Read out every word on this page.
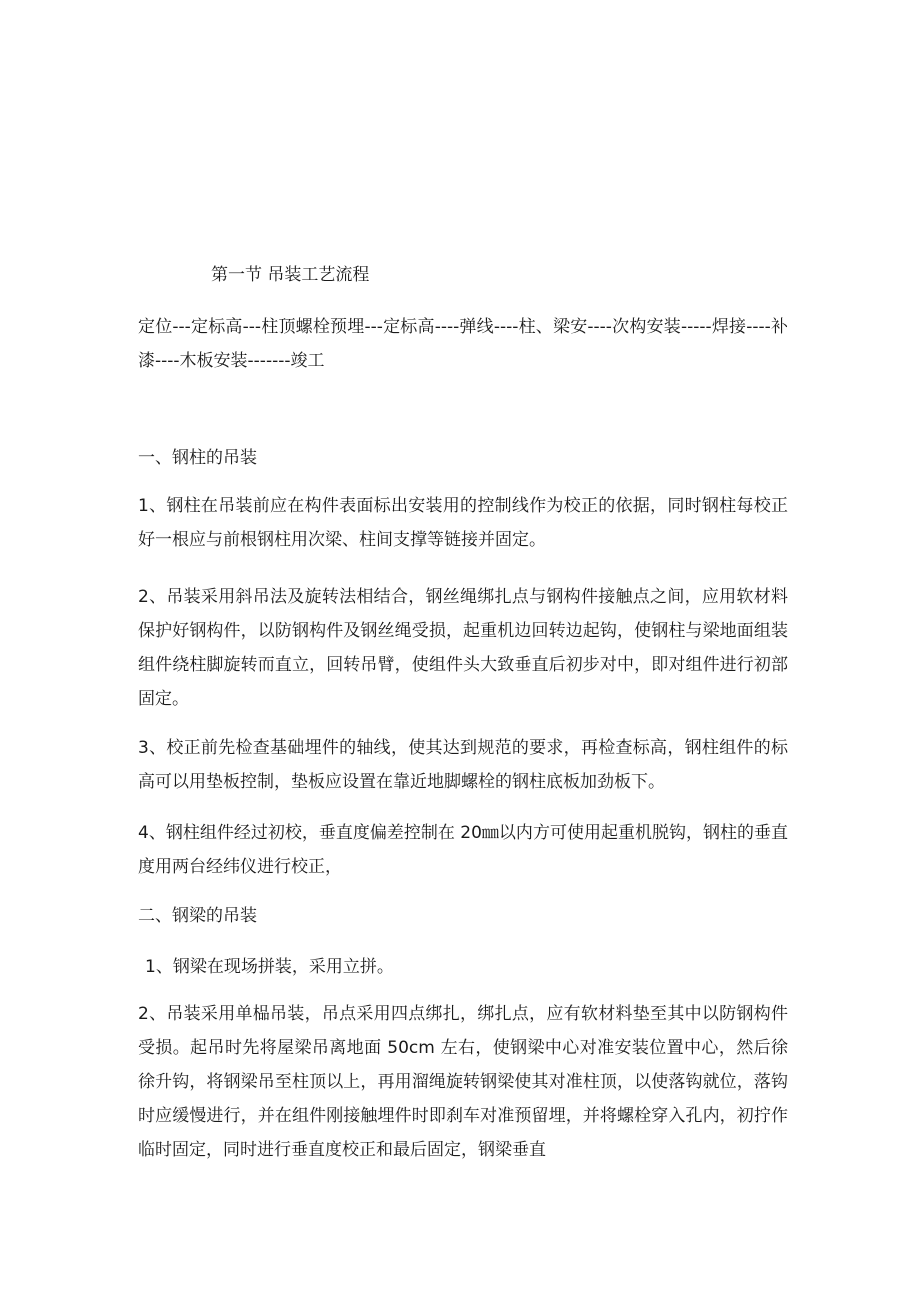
第一节 吊装工艺流程
定位---定标高---柱顶螺栓预埋---定标高----弹线----柱、梁安----次构安装-----焊接----补漆----木板安装-------竣工
一、钢柱的吊装
1、钢柱在吊装前应在构件表面标出安装用的控制线作为校正的依据，同时钢柱每校正好一根应与前根钢柱用次梁、柱间支撑等链接并固定。
2、吊装采用斜吊法及旋转法相结合，钢丝绳绑扎点与钢构件接触点之间，应用软材料保护好钢构件，以防钢构件及钢丝绳受损，起重机边回转边起钩，使钢柱与梁地面组装组件绕柱脚旋转而直立，回转吊臂，使组件头大致垂直后初步对中，即对组件进行初部固定。
3、校正前先检查基础埋件的轴线，使其达到规范的要求，再检查标高，钢柱组件的标高可以用垫板控制，垫板应设置在靠近地脚螺栓的钢柱底板加劲板下。
4、钢柱组件经过初校，垂直度偏差控制在 20㎜以内方可使用起重机脱钩，钢柱的垂直度用两台经纬仪进行校正，
二、钢梁的吊装
1、钢梁在现场拼装，采用立拼。
2、吊装采用单榀吊装，吊点采用四点绑扎，绑扎点，应有软材料垫至其中以防钢构件受损。起吊时先将屋梁吊离地面 50cm 左右，使钢梁中心对准安装位置中心，然后徐徐升钩，将钢梁吊至柱顶以上，再用溜绳旋转钢梁使其对准柱顶，以使落钩就位，落钩时应缓慢进行，并在组件刚接触埋件时即刹车对准预留埋，并将螺栓穿入孔内，初拧作临时固定，同时进行垂直度校正和最后固定，钢梁垂直
